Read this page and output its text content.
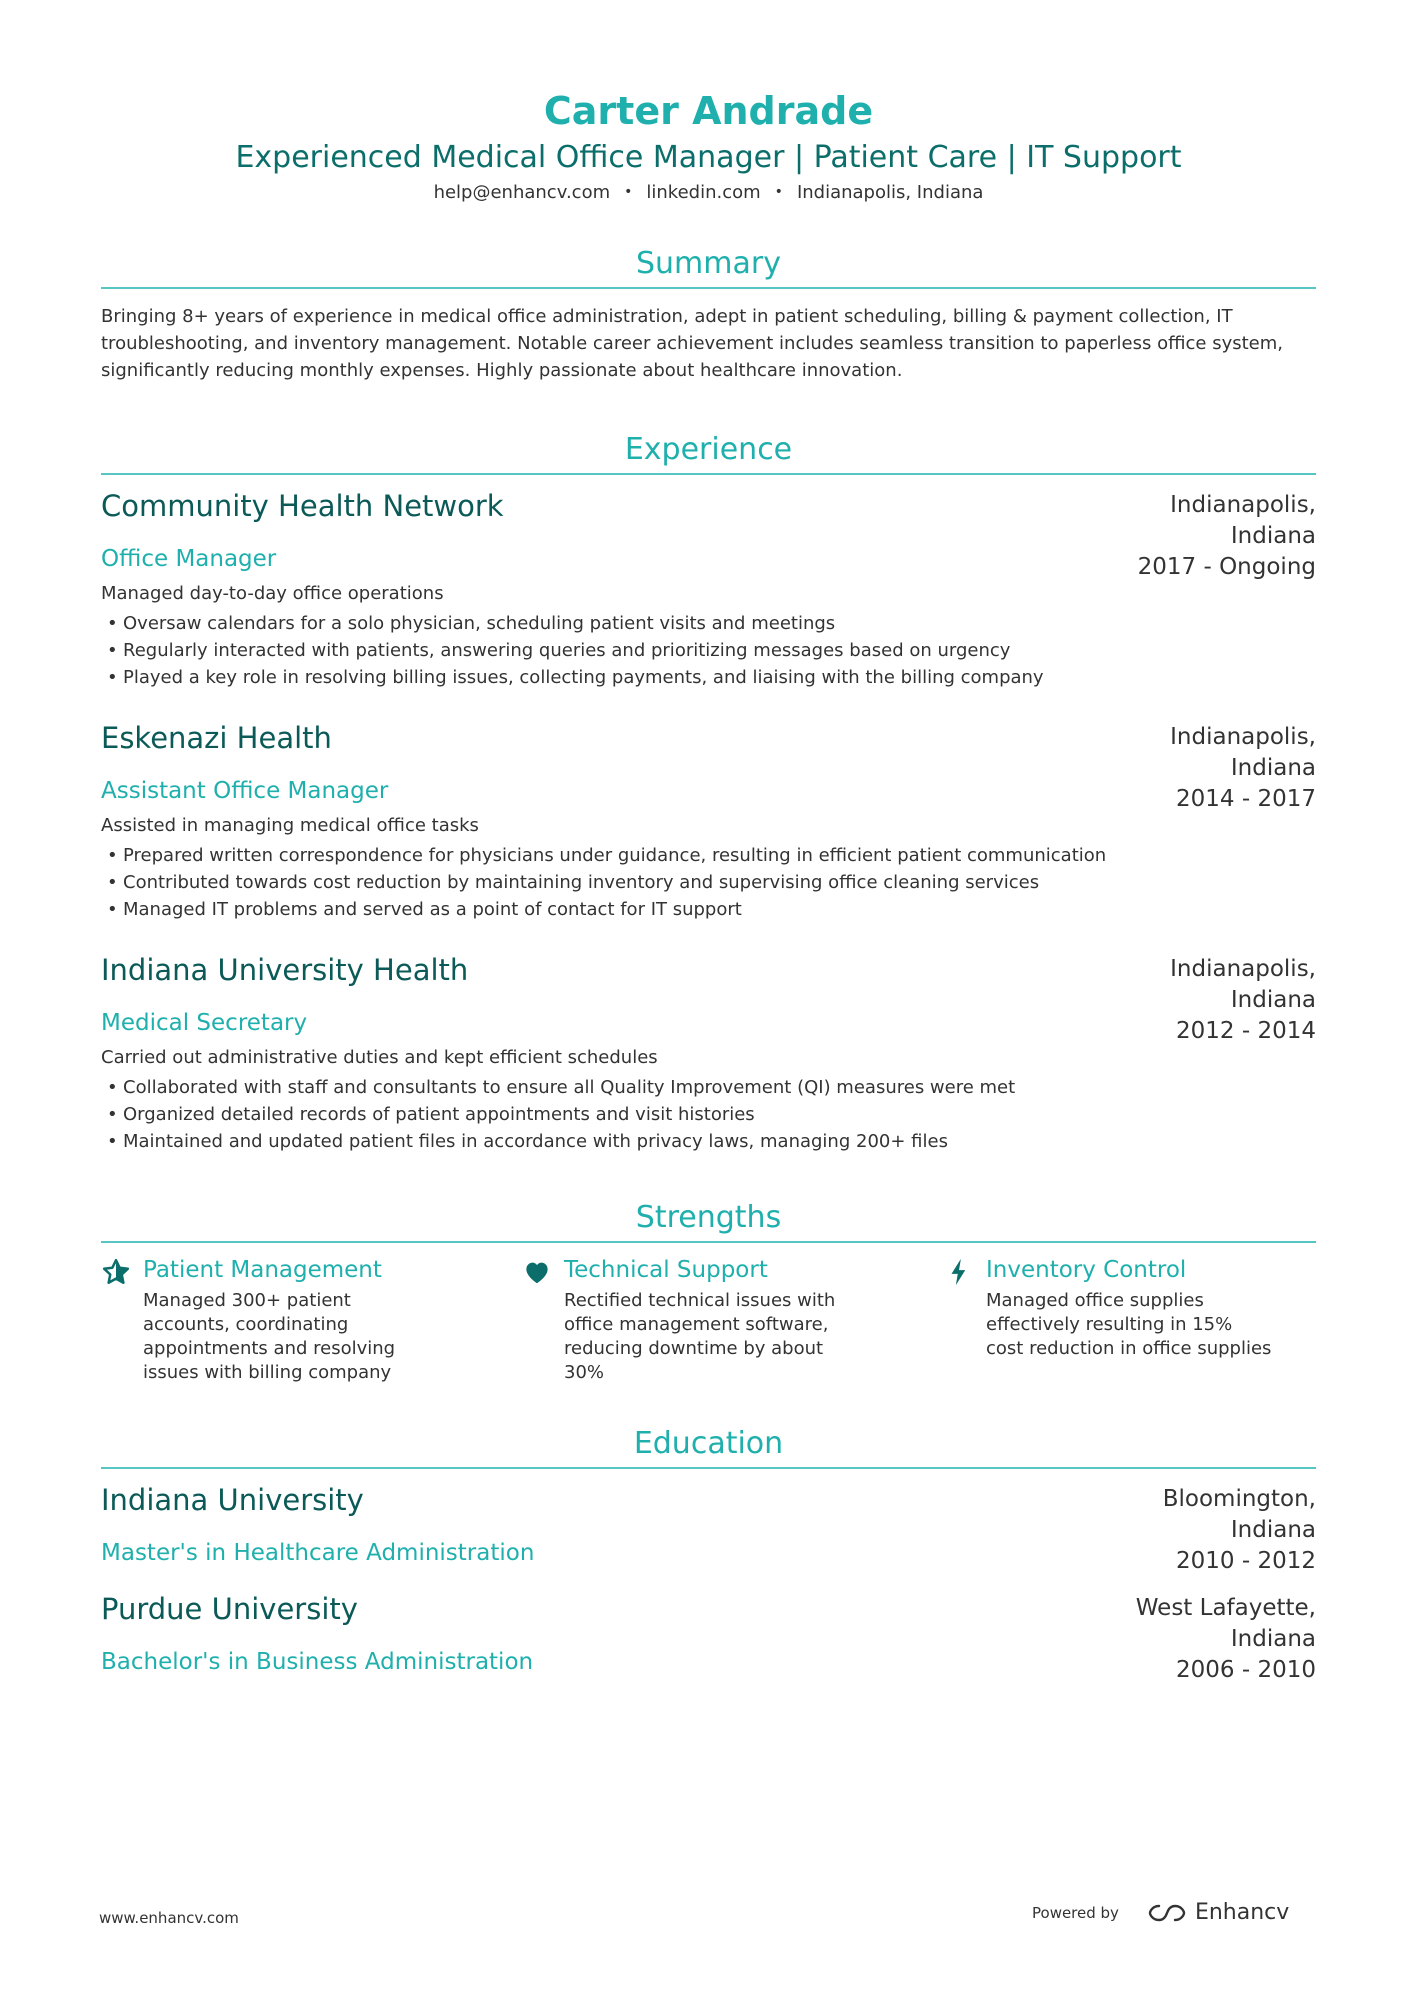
Carter Andrade
Experienced Medical Office Manager | Patient Care | IT Support
help@enhancv.com • linkedin.com • Indianapolis, Indiana
Summary
Bringing 8+ years of experience in medical office administration, adept in patient scheduling, billing & payment collection, IT troubleshooting, and inventory management. Notable career achievement includes seamless transition to paperless office system, significantly reducing monthly expenses. Highly passionate about healthcare innovation.
Experience
Indianapolis,
Indiana
2017 - Ongoing
Community Health Network
Office Manager
Managed day-to-day office operations
• Oversaw calendars for a solo physician, scheduling patient visits and meetings
• Regularly interacted with patients, answering queries and prioritizing messages based on urgency
• Played a key role in resolving billing issues, collecting payments, and liaising with the billing company
Indianapolis,
Indiana
2014 - 2017
Eskenazi Health
Assistant Office Manager
Assisted in managing medical office tasks
• Prepared written correspondence for physicians under guidance, resulting in efficient patient communication
• Contributed towards cost reduction by maintaining inventory and supervising office cleaning services
• Managed IT problems and served as a point of contact for IT support
Indianapolis,
Indiana
2012 - 2014
Indiana University Health
Medical Secretary
Carried out administrative duties and kept efficient schedules
• Collaborated with staff and consultants to ensure all Quality Improvement (QI) measures were met
• Organized detailed records of patient appointments and visit histories
• Maintained and updated patient files in accordance with privacy laws, managing 200+ files
Strengths
Patient Management
Managed 300+ patient accounts, coordinating appointments and resolving issues with billing company
Technical Support
Rectified technical issues with office management software, reducing downtime by about 30%
Inventory Control
Managed office supplies effectively resulting in 15% cost reduction in office supplies
Education
Bloomington,
Indiana
2010 - 2012
Indiana University
Master's in Healthcare Administration
West Lafayette,
Indiana
2006 - 2010
Purdue University
Bachelor's in Business Administration
www.enhancv.com	Powered by	Enhancv
